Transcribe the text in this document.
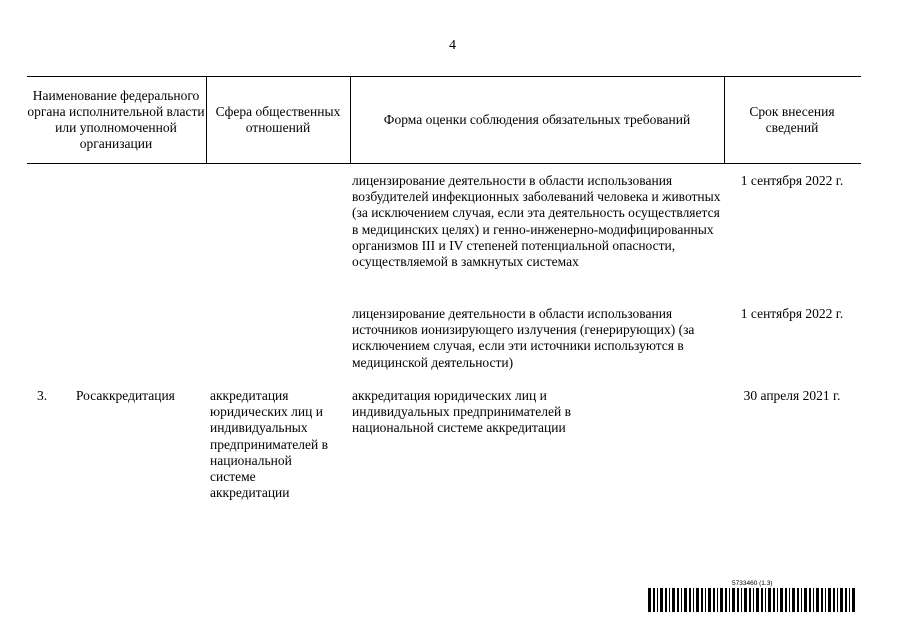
4
Наименование федерального органа исполнительной власти или уполномоченной организации
Сфера общественных отношений
Форма оценки соблюдения обязательных требований
Срок внесения сведений
лицензирование деятельности в области использования возбудителей инфекционных заболеваний человека и животных (за исключением случая, если эта деятельность осуществляется в медицинских целях) и генно-инженерно-модифицированных организмов III и IV степеней потенциальной опасности, осуществляемой в замкнутых системах
1 сентября 2022 г.
лицензирование деятельности в области использования источников ионизирующего излучения (генерирующих) (за исключением случая, если эти источники используются в медицинской деятельности)
1 сентября 2022 г.
3. Росаккредитация	аккредитация юридических лиц и индивидуальных предпринимателей в национальной системе аккредитации
аккредитация юридических лиц и индивидуальных предпринимателей в национальной системе аккредитации
30 апреля 2021 г.
5733460 (1.3)
